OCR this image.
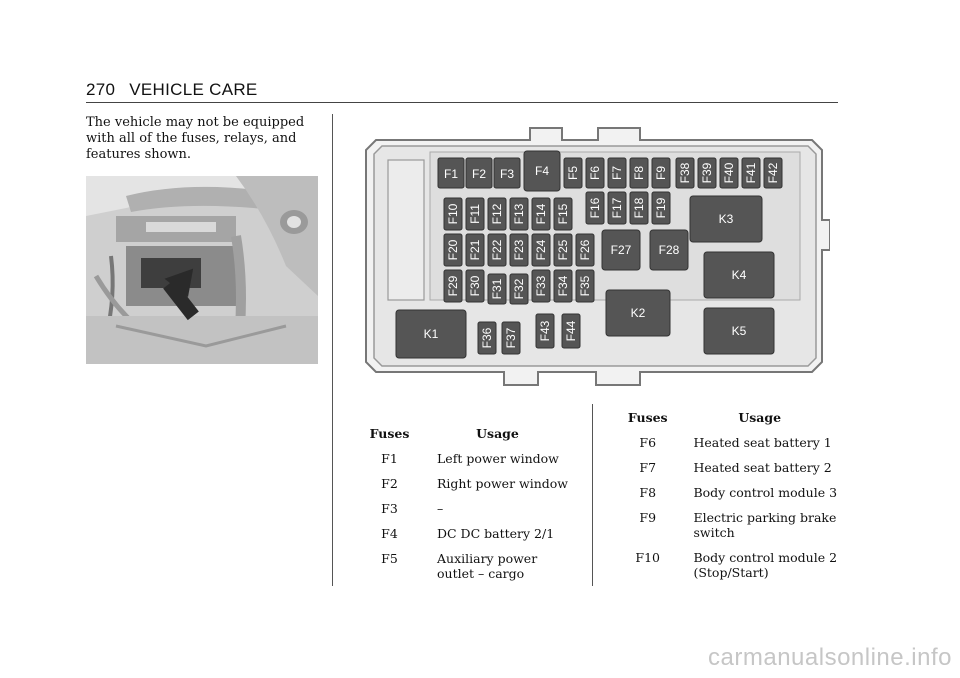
270 VEHICLE CARE

The vehicle may not be equipped with all of the fuses, relays, and features shown.

F1 F2 F3 F4 F5 F6 F7 F8 F9 F38 F39 F40 F41 F42
F10 F11 F12 F13 F14 F15 F16 F17 F18 F19
F20 F21 F22 F23 F24 F25 F26 F27 F28
F29 F30 F31 F32 F33 F34 F35
F36 F37 F43 F44
K1
K2
K3
K4
K5
Fuses	Usage
F1	Left power window
F2	Right power window
F3	–
F4	DC DC battery 2/1
F5	Auxiliary power outlet – cargo
Fuses	Usage
F6	Heated seat battery 1
F7	Heated seat battery 2
F8	Body control module 3
F9	Electric parking brake switch
F10	Body control module 2 (Stop/Start)
carmanualsonline.info
